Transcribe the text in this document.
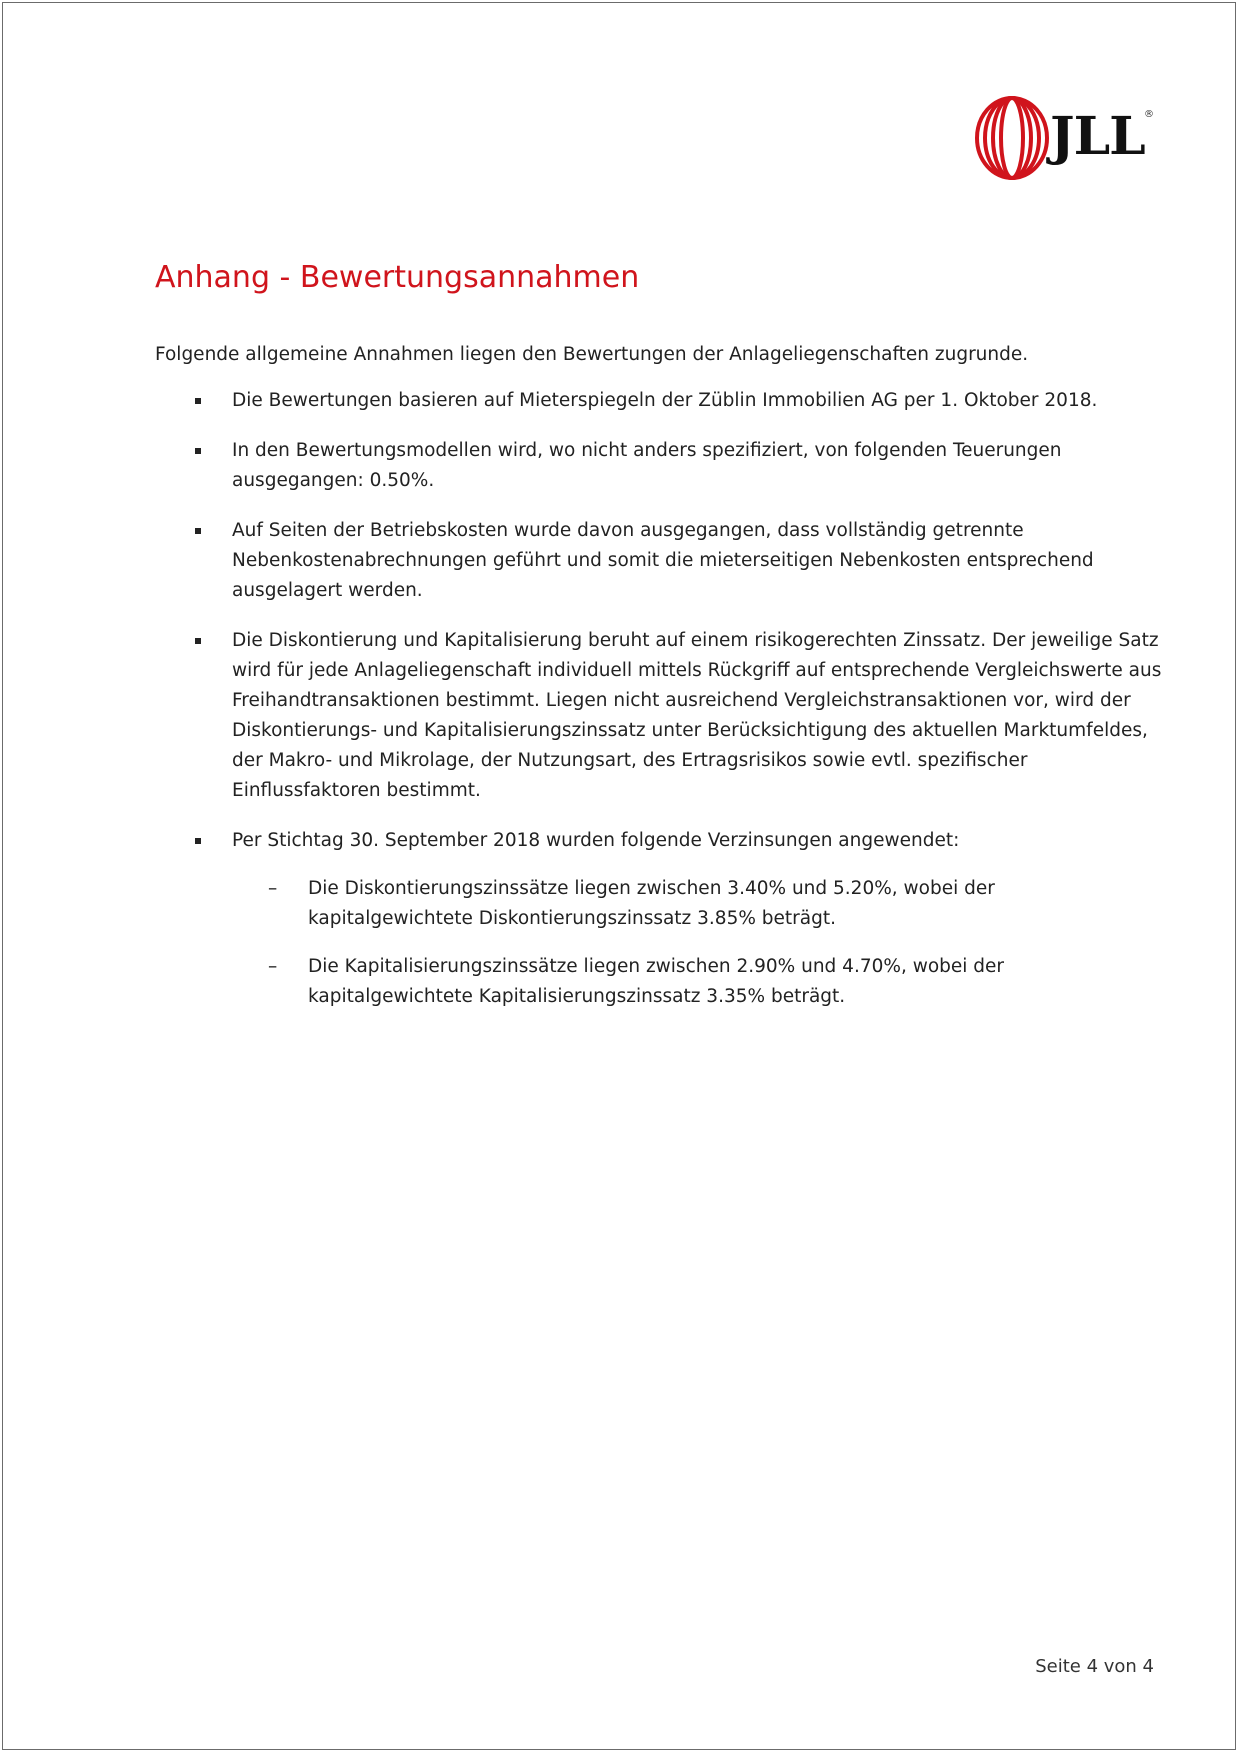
JLL ®
Anhang - Bewertungsannahmen

Folgende allgemeine Annahmen liegen den Bewertungen der Anlageliegenschaften zugrunde.

Die Bewertungen basieren auf Mieterspiegeln der Züblin Immobilien AG per 1. Oktober 2018.
In den Bewertungsmodellen wird, wo nicht anders spezifiziert, von folgenden Teuerungen ausgegangen: 0.50%.
Auf Seiten der Betriebskosten wurde davon ausgegangen, dass vollständig getrennte Nebenkostenabrechnungen geführt und somit die mieterseitigen Nebenkosten entsprechend ausgelagert werden.
Die Diskontierung und Kapitalisierung beruht auf einem risikogerechten Zinssatz. Der jeweilige Satz wird für jede Anlageliegenschaft individuell mittels Rückgriff auf entsprechende Vergleichswerte aus Freihandtransaktionen bestimmt. Liegen nicht ausreichend Vergleichstransaktionen vor, wird der Diskontierungs- und Kapitalisierungszinssatz unter Berücksichtigung des aktuellen Marktumfeldes, der Makro- und Mikrolage, der Nutzungsart, des Ertragsrisikos sowie evtl. spezifischer Einflussfaktoren bestimmt.
Per Stichtag 30. September 2018 wurden folgende Verzinsungen angewendet:
– Die Diskontierungszinssätze liegen zwischen 3.40% und 5.20%, wobei der kapitalgewichtete Diskontierungszinssatz 3.85% beträgt.
– Die Kapitalisierungszinssätze liegen zwischen 2.90% und 4.70%, wobei der kapitalgewichtete Kapitalisierungszinssatz 3.35% beträgt.
Seite 4 von 4
